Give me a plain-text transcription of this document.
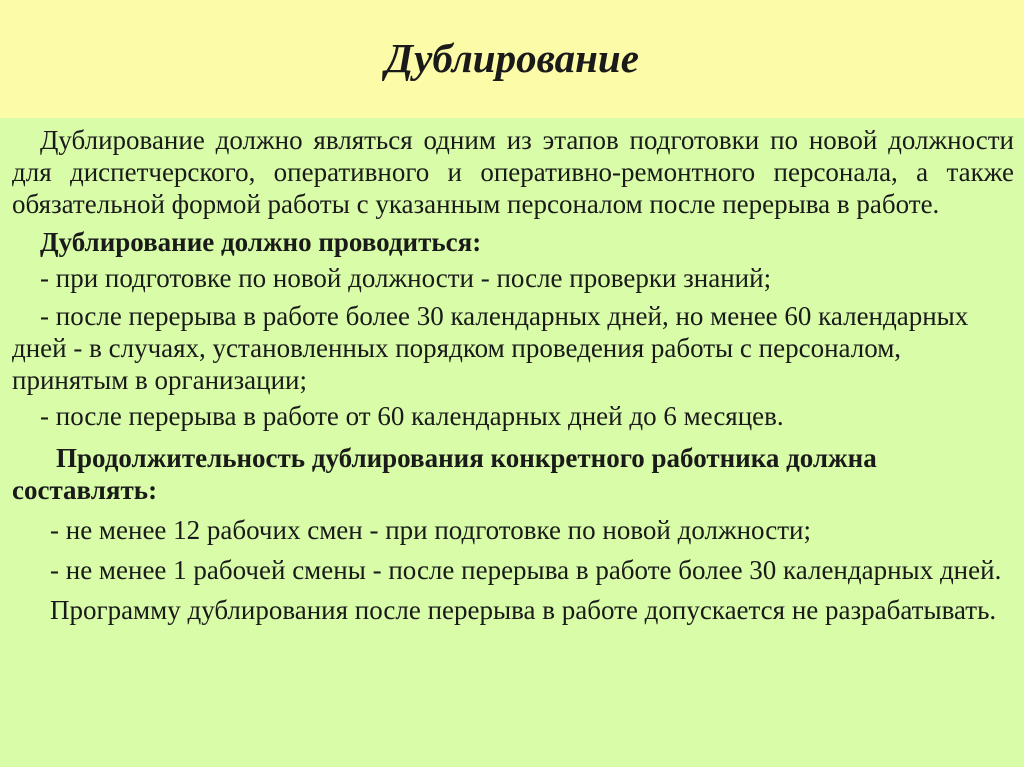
Дублирование

Дублирование должно являться одним из этапов подготовки по новой должности для диспетчерского, оперативного и оперативно-ремонтного персонала, а также обязательной формой работы с указанным персоналом после перерыва в работе.

Дублирование должно проводиться:

- при подготовке по новой должности - после проверки знаний;

- после перерыва в работе более 30 календарных дней, но менее 60 календарных дней - в случаях, установленных порядком проведения работы с персоналом, принятым в организации;

- после перерыва в работе от 60 календарных дней до 6 месяцев.

Продолжительность дублирования конкретного работника должна составлять:

- не менее 12 рабочих смен - при подготовке по новой должности;

- не менее 1 рабочей смены - после перерыва в работе более 30 календарных дней.

Программу дублирования после перерыва в работе допускается не разрабатывать.
